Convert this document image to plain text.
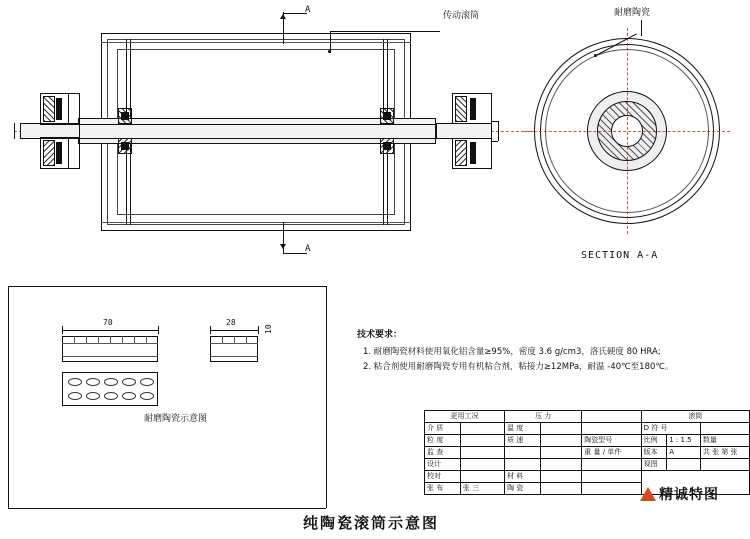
A
A
传动滚筒
SECTION A-A
耐磨陶瓷
70	28
10
耐磨陶瓷示意图
技术要求：
1. 耐磨陶瓷材料使用氧化铝含量≥95%，密度 3.6 g/cm3，洛氏硬度 80 HRA;
2. 粘合剂使用耐磨陶瓷专用有机粘合剂，粘接力≥12MPa，耐温 -40℃至180℃。
更用工况		压 力			滚筒		
介 质		温 度			D 符 号		
粒 度		质 速		陶瓷型号	比例	1 : 1.5	数量
监 查				重 量 / 单件	版本	A	共 张 第 张
设计					视图		
校对		材 料					
张 布	张 三	陶 瓷						精诚特图
纯陶瓷滚筒示意图
